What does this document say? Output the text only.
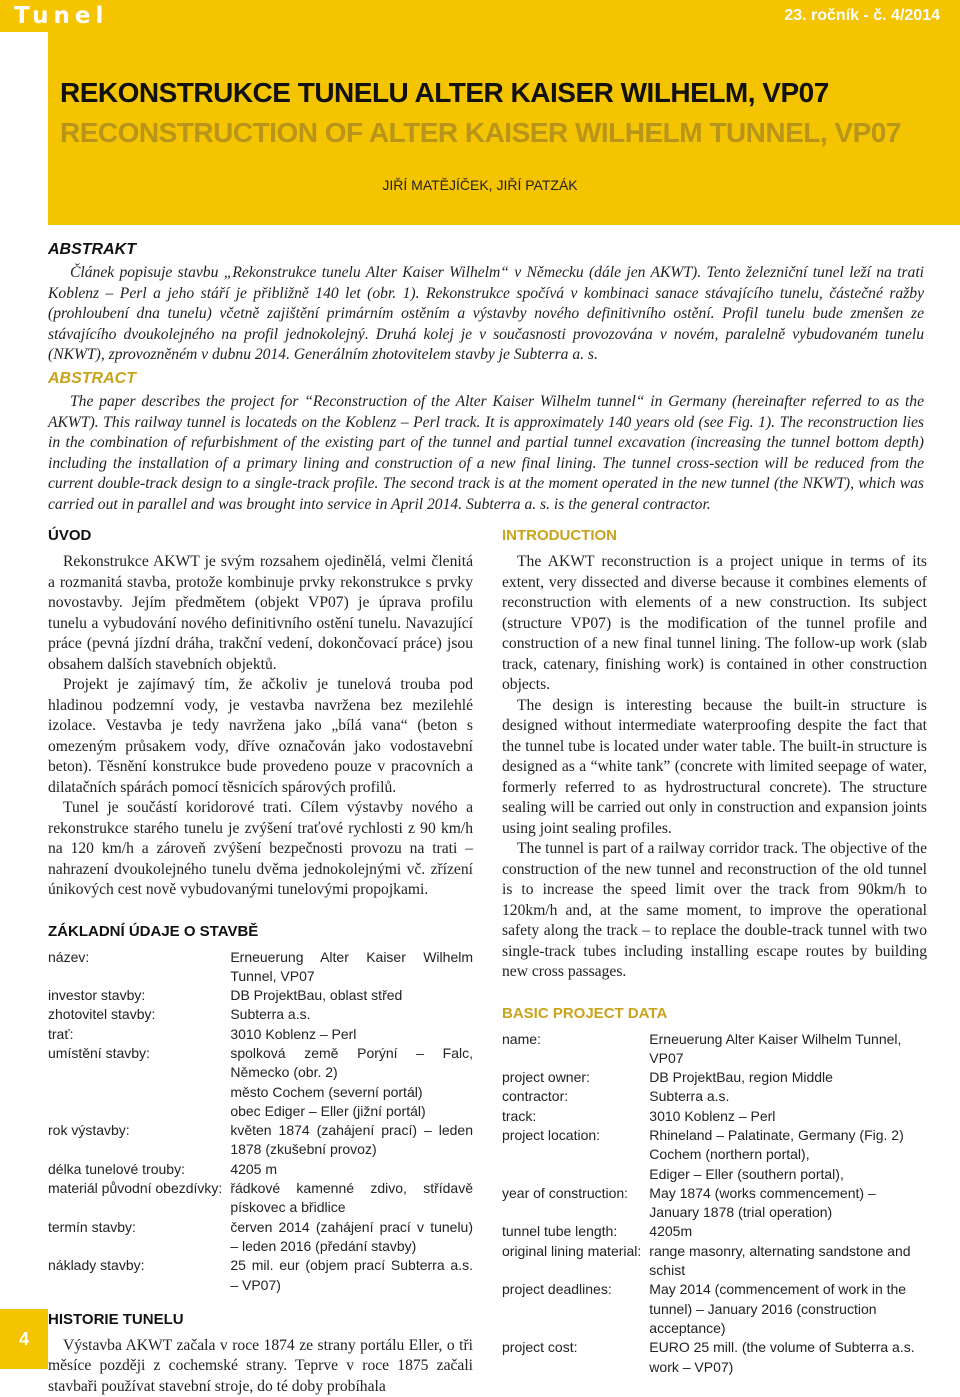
Tunel	23. ročník - č. 4/2014
REKONSTRUKCE TUNELU ALTER KAISER WILHELM, VP07
RECONSTRUCTION OF ALTER KAISER WILHELM TUNNEL, VP07
JIŘÍ MATĚJÍČEK, JIŘÍ PATZÁK
ABSTRAKT

Článek popisuje stavbu „Rekonstrukce tunelu Alter Kaiser Wilhelm“ v Německu (dále jen AKWT). Tento železniční tunel leží na trati Koblenz – Perl a jeho stáří je přibližně 140 let (obr. 1). Rekonstrukce spočívá v kombinaci sanace stávajícího tunelu, částečné ražby (prohloubení dna tunelu) včetně zajištění primárním ostěním a výstavby nového definitivního ostění. Profil tunelu bude zmenšen ze stávajícího dvoukolejného na profil jednokolejný. Druhá kolej je v současnosti provozována v novém, paralelně vybudovaném tunelu (NKWT), zprovozněném v dubnu 2014. Generálním zhotovitelem stavby je Subterra a. s.

ABSTRACT

The paper describes the project for “Reconstruction of the Alter Kaiser Wilhelm tunnel“ in Germany (hereinafter referred to as the AKWT). This railway tunnel is locateds on the Koblenz – Perl track. It is approximately 140 years old (see Fig. 1). The reconstruction lies in the combination of refurbishment of the existing part of the tunnel and partial tunnel excavation (increasing the tunnel bottom depth) including the installation of a primary lining and construction of a new final lining. The tunnel cross-section will be reduced from the current double-track design to a single-track profile. The second track is at the moment operated in the new tunnel (the NKWT), which was carried out in parallel and was brought into service in April 2014. Subterra a. s. is the general contractor.

ÚVOD

Rekonstrukce AKWT je svým rozsahem ojedinělá, velmi členitá a rozmanitá stavba, protože kombinuje prvky rekonstrukce s prvky novostavby. Jejím předmětem (objekt VP07) je úprava profilu tunelu a vybudování nového definitivního ostění tunelu. Navazující práce (pevná jízdní dráha, trakční vedení, dokončovací práce) jsou obsahem dalších stavebních objektů.

Projekt je zajímavý tím, že ačkoliv je tunelová trouba pod hladinou podzemní vody, je vestavba navržena bez mezilehlé izolace. Vestavba je tedy navržena jako „bílá vana“ (beton s omezeným průsakem vody, dříve označován jako vodostavební beton). Těsnění konstrukce bude provedeno pouze v pracovních a dilatačních spárách pomocí těsnicích spárových profilů.

Tunel je součástí koridorové trati. Cílem výstavby nového a rekonstrukce starého tunelu je zvýšení traťové rychlosti z 90 km/h na 120 km/h a zároveň zvýšení bezpečnosti provozu na trati – nahrazení dvoukolejného tunelu dvěma jednokolejnými vč. zřízení únikových cest nově vybudovanými tunelovými propojkami.

ZÁKLADNÍ ÚDAJE O STAVBĚ
název:	Erneuerung Alter Kaiser Wilhelm Tunnel, VP07
investor stavby:	DB ProjektBau, oblast střed
zhotovitel stavby:	Subterra a.s.
trať:	3010 Koblenz – Perl
umístění stavby:	spolková země Porýní – Falc, Německo (obr. 2)
město Cochem (severní portál)
obec Ediger – Eller (jižní portál)
rok výstavby:	květen 1874 (zahájení prací) – leden 1878 (zkušební provoz)
délka tunelové trouby:	4205 m
materiál původní obezdívky:	řádkové kamenné zdivo, střídavě pískovec a břidlice
termín stavby:	červen 2014 (zahájení prací v tunelu) – leden 2016 (předání stavby)
náklady stavby:	25 mil. eur (objem prací Subterra a.s. – VP07)
HISTORIE TUNELU

Výstavba AKWT začala v roce 1874 ze strany portálu Eller, o tři měsíce později z cochemské strany. Teprve v roce 1875 začali stavbaři používat stavební stroje, do té doby probíhala

INTRODUCTION

The AKWT reconstruction is a project unique in terms of its extent, very dissected and diverse because it combines elements of reconstruction with elements of a new construction. Its subject (structure VP07) is the modification of the tunnel profile and construction of a new final tunnel lining. The follow-up work (slab track, catenary, finishing work) is contained in other construction objects.

The design is interesting because the built-in structure is designed without intermediate waterproofing despite the fact that the tunnel tube is located under water table. The built-in structure is designed as a “white tank” (concrete with limited seepage of water, formerly referred to as hydrostructural concrete). The structure sealing will be carried out only in construction and expansion joints using joint sealing profiles.

The tunnel is part of a railway corridor track. The objective of the construction of the new tunnel and reconstruction of the old tunnel is to increase the speed limit over the track from 90km/h to 120km/h and, at the same moment, to improve the operational safety along the track – to replace the double-track tunnel with two single-track tubes including installing escape routes by building new cross passages.

BASIC PROJECT DATA
name:	Erneuerung Alter Kaiser Wilhelm Tunnel, VP07
project owner:	DB ProjektBau, region Middle
contractor:	Subterra a.s.
track:	3010 Koblenz – Perl
project location:	Rhineland – Palatinate, Germany (Fig. 2)
Cochem (northern portal),
Ediger – Eller (southern portal),
year of construction:	May 1874 (works commencement) – January 1878 (trial operation)
tunnel tube length:	4205m
original lining material:	range masonry, alternating sandstone and schist
project deadlines:	May 2014 (commencement of work in the tunnel) – January 2016 (construction acceptance)
project cost:	EURO 25 mill. (the volume of Subterra a.s. work – VP07)
4
